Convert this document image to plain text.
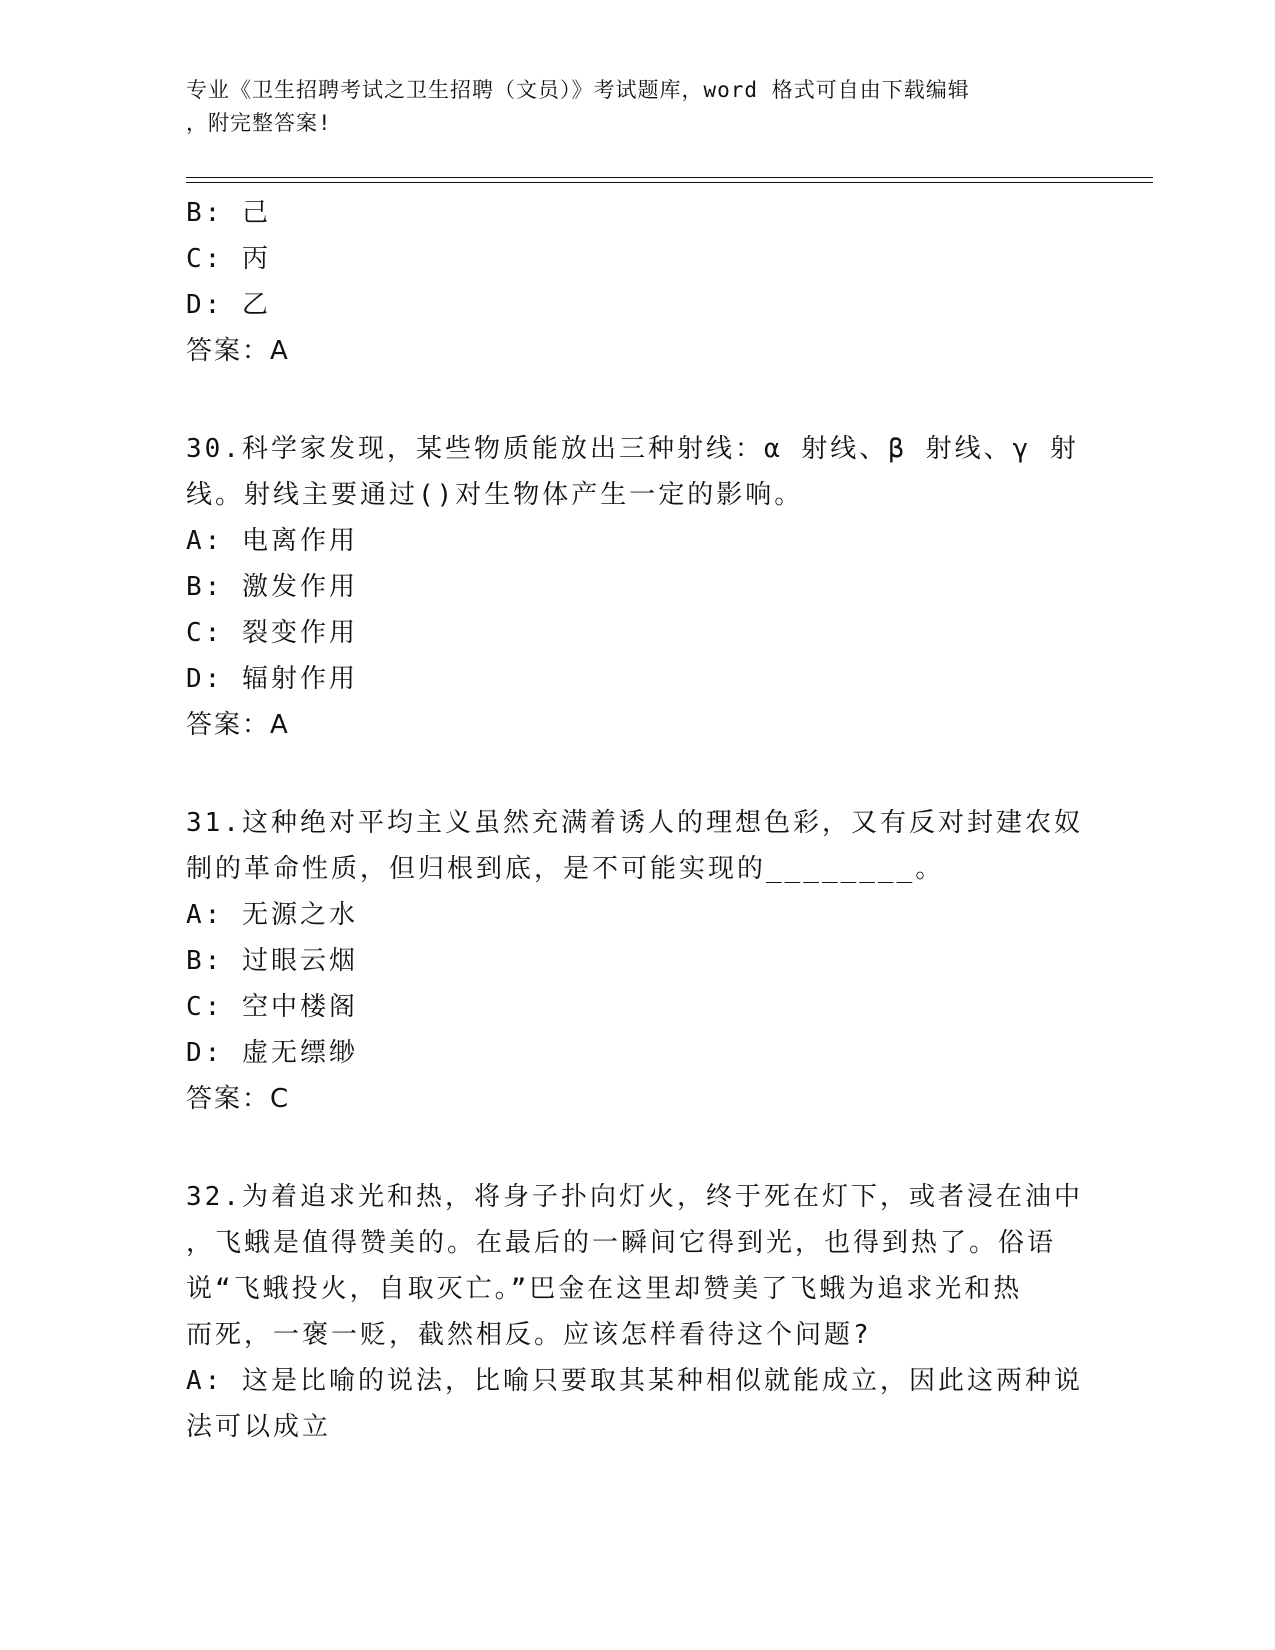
专业《卫生招聘考试之卫生招聘（文员）》考试题库，word 格式可自由下载编辑
，附完整答案!
B: 己
C: 丙
D: 乙
答案：A
30.科学家发现，某些物质能放出三种射线：α 射线、β 射线、γ 射
线。射线主要通过()对生物体产生一定的影响。
A: 电离作用
B: 激发作用
C: 裂变作用
D: 辐射作用
答案：A
31.这种绝对平均主义虽然充满着诱人的理想色彩，又有反对封建农奴
制的革命性质，但归根到底，是不可能实现的________。
A: 无源之水
B: 过眼云烟
C: 空中楼阁
D: 虚无缥缈
答案：C
32.为着追求光和热，将身子扑向灯火，终于死在灯下，或者浸在油中
，飞蛾是值得赞美的。在最后的一瞬间它得到光，也得到热了。俗语
说“飞蛾投火，自取灭亡。”巴金在这里却赞美了飞蛾为追求光和热
而死，一褒一贬，截然相反。应该怎样看待这个问题?
A: 这是比喻的说法，比喻只要取其某种相似就能成立，因此这两种说
法可以成立
